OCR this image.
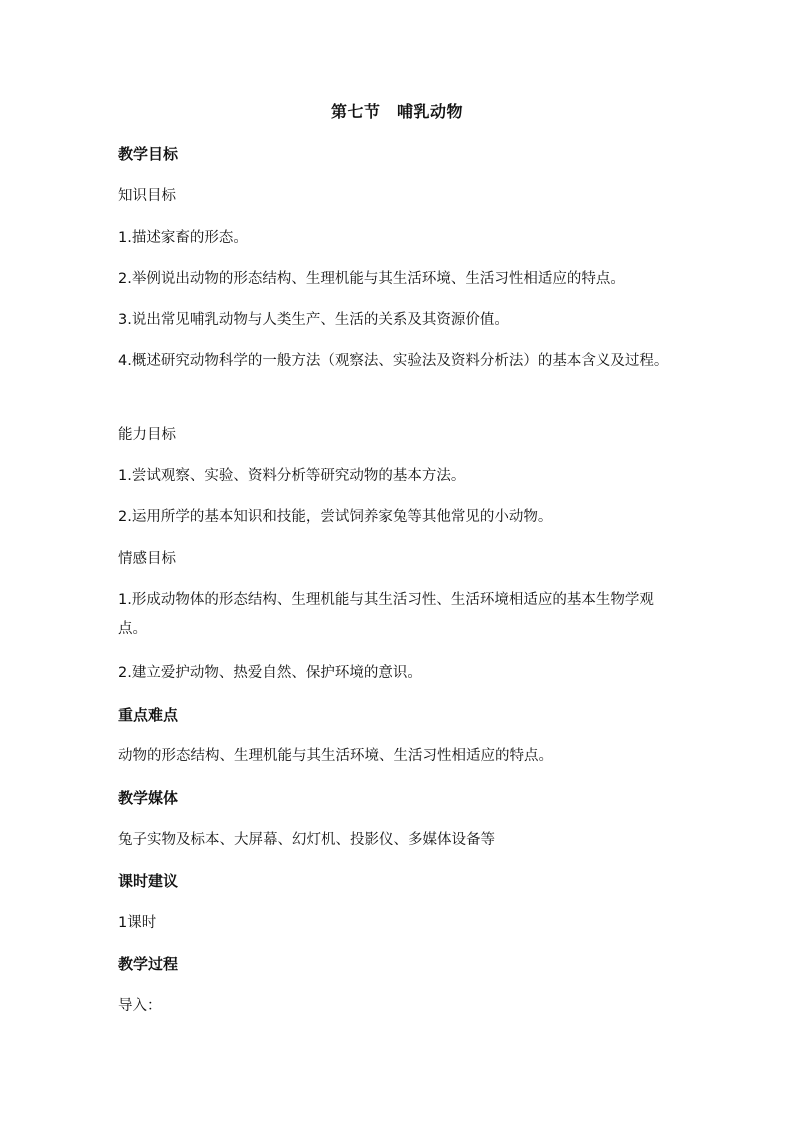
第七节　哺乳动物
教学目标
知识目标
1.描述家畜的形态。
2.举例说出动物的形态结构、生理机能与其生活环境、生活习性相适应的特点。
3.说出常见哺乳动物与人类生产、生活的关系及其资源价值。
4.概述研究动物科学的一般方法（观察法、实验法及资料分析法）的基本含义及过程。
能力目标
1.尝试观察、实验、资料分析等研究动物的基本方法。
2.运用所学的基本知识和技能，尝试饲养家兔等其他常见的小动物。
情感目标
1.形成动物体的形态结构、生理机能与其生活习性、生活环境相适应的基本生物学观点。
2.建立爱护动物、热爱自然、保护环境的意识。
重点难点
动物的形态结构、生理机能与其生活环境、生活习性相适应的特点。
教学媒体
兔子实物及标本、大屏幕、幻灯机、投影仪、多媒体设备等
课时建议
1课时
教学过程
导入：
